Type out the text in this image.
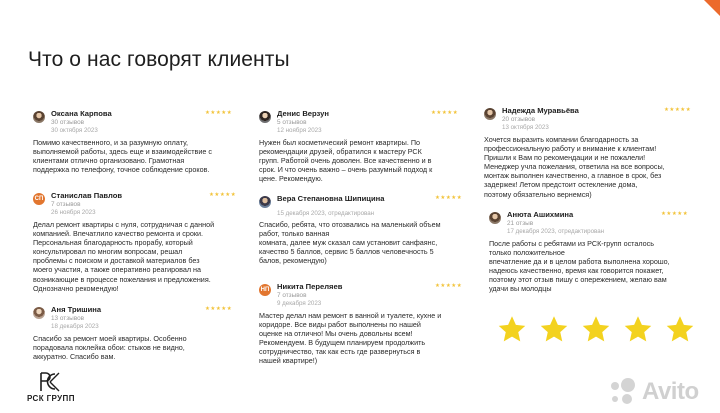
Что о нас говорят клиенты
Оксана Карпова
30 отзывов
30 октября 2023
★★★★★

Помимо качественного, и за разумную оплату,
выполняемой работы, здесь еще и взаимодействие с
клиентами отлично организовано. Грамотная
поддержка по телефону, точное соблюдение сроков.

СП Станислав Павлов
7 отзывов
26 ноября 2023
★★★★★

Делал ремонт квартиры с нуля, сотрудничая с данной
компанией. Впечатлило качество ремонта и сроки.
Персональная благодарность прорабу, который
консультировал по многим вопросам, решал
проблемы с поиском и доставкой материалов без
моего участия, а также оперативно реагировал на
возникающие в процессе пожелания и предложения.
Однозначно рекомендую!

Аня Тришина
13 отзывов
18 декабря 2023
★★★★★

Спасибо за ремонт моей квартиры. Особенно
порадовала поклейка обои: стыков не видно,
аккуратно. Спасибо вам.

Денис Верзун
5 отзывов
12 ноября 2023
★★★★★

Нужен был косметический ремонт квартиры. По
рекомендации друзей, обратился к мастеру РСК
групп. Работой очень доволен. Все качественно и в
срок. И что очень важно – очень разумный подход к
цене. Рекомендую.

Вера Степановна Шипицина
15 декабря 2023, отредактирован
★★★★★

Спасибо, ребята, что отозвались на маленький объем
работ, только ванная
комната, далее муж сказал сам установит санфаянс,
качество 5 баллов, сервис 5 баллов человечность 5
балов, рекомендую)

НП Никита Переляев
7 отзывов
9 декабря 2023
★★★★★

Мастер делал нам ремонт в ванной и туалете, кухне и
коридоре. Все виды работ выполнены по нашей
оценке на отлично! Мы очень довольны всем!
Рекомендуем. В будущем планируем продолжить
сотрудничество, так как есть где развернуться в
нашей квартире!)

Надежда Муравьёва
20 отзывов
13 октября 2023
★★★★★

Хочется выразить компании благодарность за
профессиональную работу и внимание к клиентам!
Пришли к Вам по рекомендации и не пожалели!
Менеджер учла пожелания, ответила на все вопросы,
монтаж выполнен качественно, а главное в срок, без
задержек! Летом предстоит остекление дома,
поэтому обязательно вернемся)

Анюта Ашихмина
21 отзыв
17 декабря 2023, отредактирован
★★★★★

После работы с ребятами из РСК-групп осталось
только положительное
впечатление да и в целом работа выполнена хорошо,
надеюсь качественно, время как говорится покажет,
поэтому этот отзыв пишу с опережением, желаю вам
удачи вы молодцы

РСК ГРУПП	Avito
